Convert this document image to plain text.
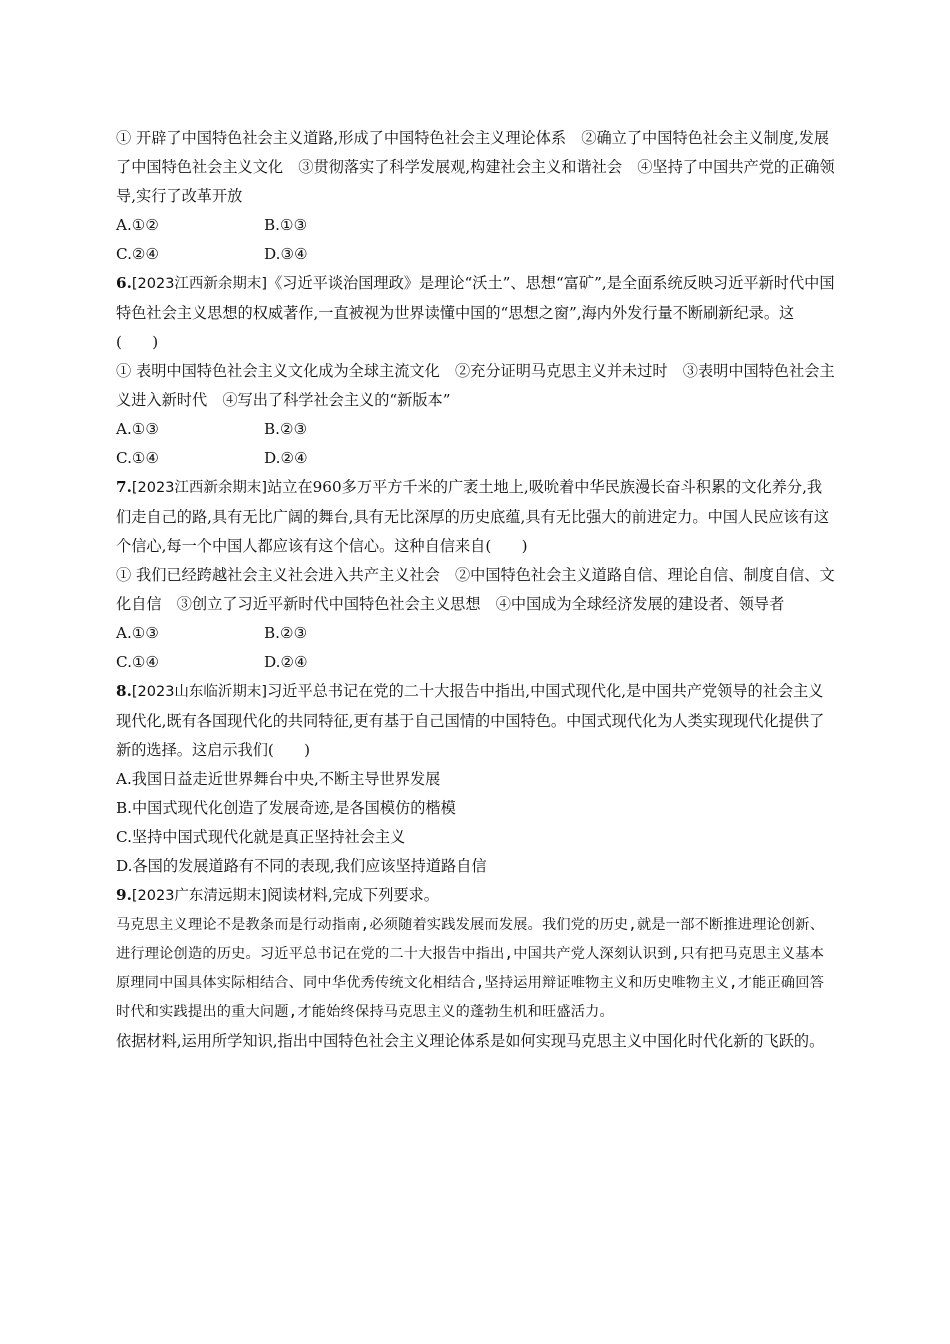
① 开辟了中国特色社会主义道路,形成了中国特色社会主义理论体系　②确立了中国特色社会主义制度,发展了中国特色社会主义文化　③贯彻落实了科学发展观,构建社会主义和谐社会　④坚持了中国共产党的正确领导,实行了改革开放

A.①②	B.①③
C.②④	D.③④

6.[2023江西新余期末]《习近平谈治国理政》是理论“沃土”、思想“富矿”,是全面系统反映习近平新时代中国特色社会主义思想的权威著作,一直被视为世界读懂中国的“思想之窗”,海内外发行量不断刷新纪录。这(　　)

① 表明中国特色社会主义文化成为全球主流文化　②充分证明马克思主义并未过时　③表明中国特色社会主义进入新时代　④写出了科学社会主义的“新版本”

A.①③	B.②③
C.①④	D.②④

7.[2023江西新余期末]站立在960多万平方千米的广袤土地上,吸吮着中华民族漫长奋斗积累的文化养分,我们走自己的路,具有无比广阔的舞台,具有无比深厚的历史底蕴,具有无比强大的前进定力。中国人民应该有这个信心,每一个中国人都应该有这个信心。这种自信来自(　　)

① 我们已经跨越社会主义社会进入共产主义社会　②中国特色社会主义道路自信、理论自信、制度自信、文化自信　③创立了习近平新时代中国特色社会主义思想　④中国成为全球经济发展的建设者、领导者

A.①③	B.②③
C.①④	D.②④

8.[2023山东临沂期末]习近平总书记在党的二十大报告中指出,中国式现代化,是中国共产党领导的社会主义现代化,既有各国现代化的共同特征,更有基于自己国情的中国特色。中国式现代化为人类实现现代化提供了新的选择。这启示我们(　　)

A.我国日益走近世界舞台中央,不断主导世界发展

B.中国式现代化创造了发展奇迹,是各国模仿的楷模

C.坚持中国式现代化就是真正坚持社会主义

D.各国的发展道路有不同的表现,我们应该坚持道路自信

9.[2023广东清远期末]阅读材料,完成下列要求。

马克思主义理论不是教条而是行动指南,必须随着实践发展而发展。我们党的历史,就是一部不断推进理论创新、进行理论创造的历史。习近平总书记在党的二十大报告中指出,中国共产党人深刻认识到,只有把马克思主义基本原理同中国具体实际相结合、同中华优秀传统文化相结合,坚持运用辩证唯物主义和历史唯物主义,才能正确回答时代和实践提出的重大问题,才能始终保持马克思主义的蓬勃生机和旺盛活力。

依据材料,运用所学知识,指出中国特色社会主义理论体系是如何实现马克思主义中国化时代化新的飞跃的。
